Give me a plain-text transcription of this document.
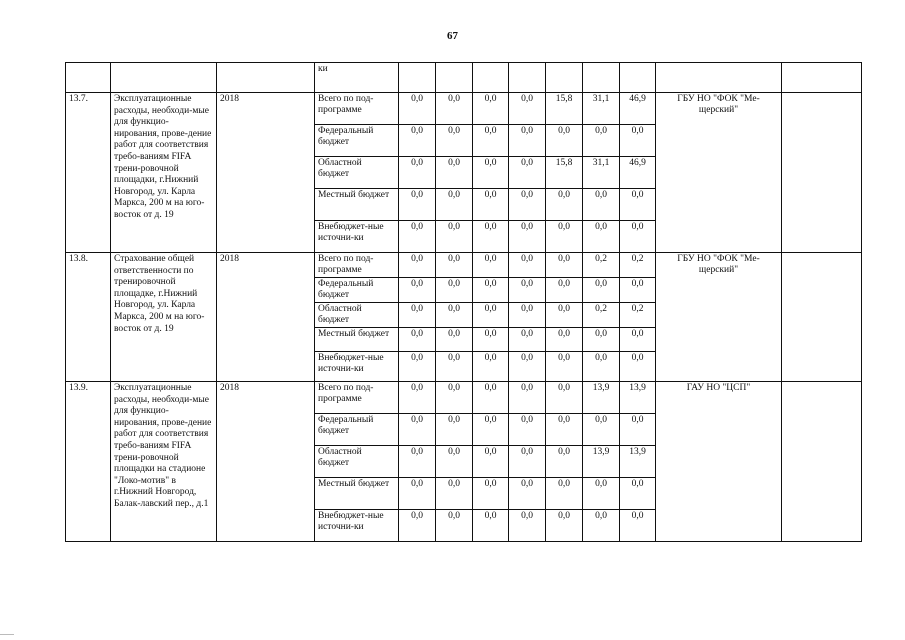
67
			ки									
13.7.	Эксплуатационные расходы, необходи-мые для функцио-нирования, прове-дение работ для соответствия требо-ваниям FIFA трени-ровочной площадки, г.Нижний Новгород, ул. Карла Маркса, 200 м на юго-восток от д. 19	2018	Всего по под-программе	0,0	0,0	0,0	0,0	15,8	31,1	46,9	ГБУ НО "ФОК "Ме-щерский"	
			Федеральный бюджет	0,0	0,0	0,0	0,0	0,0	0,0	0,0		
			Областной бюджет	0,0	0,0	0,0	0,0	15,8	31,1	46,9		
			Местный бюджет	0,0	0,0	0,0	0,0	0,0	0,0	0,0		
			Внебюджет-ные источни-ки	0,0	0,0	0,0	0,0	0,0	0,0	0,0		
13.8.	Страхование общей ответственности по тренировочной площадке, г.Нижний Новгород, ул. Карла Маркса, 200 м на юго-восток от д. 19	2018	Всего по под-программе	0,0	0,0	0,0	0,0	0,0	0,2	0,2	ГБУ НО "ФОК "Ме-щерский"	
			Федеральный бюджет	0,0	0,0	0,0	0,0	0,0	0,0	0,0		
			Областной бюджет	0,0	0,0	0,0	0,0	0,0	0,2	0,2		
			Местный бюджет	0,0	0,0	0,0	0,0	0,0	0,0	0,0		
			Внебюджет-ные источни-ки	0,0	0,0	0,0	0,0	0,0	0,0	0,0		
13.9.	Эксплуатационные расходы, необходи-мые для функцио-нирования, прове-дение работ для соответствия требо-ваниям FIFA трени-ровочной площадки на стадионе "Локо-мотив" в г.Нижний Новгород, Балак-лавский пер., д.1	2018	Всего по под-программе	0,0	0,0	0,0	0,0	0,0	13,9	13,9	ГАУ НО "ЦСП"	
			Федеральный бюджет	0,0	0,0	0,0	0,0	0,0	0,0	0,0		
			Областной бюджет	0,0	0,0	0,0	0,0	0,0	13,9	13,9		
			Местный бюджет	0,0	0,0	0,0	0,0	0,0	0,0	0,0		
			Внебюджет-ные источни-ки	0,0	0,0	0,0	0,0	0,0	0,0	0,0		
